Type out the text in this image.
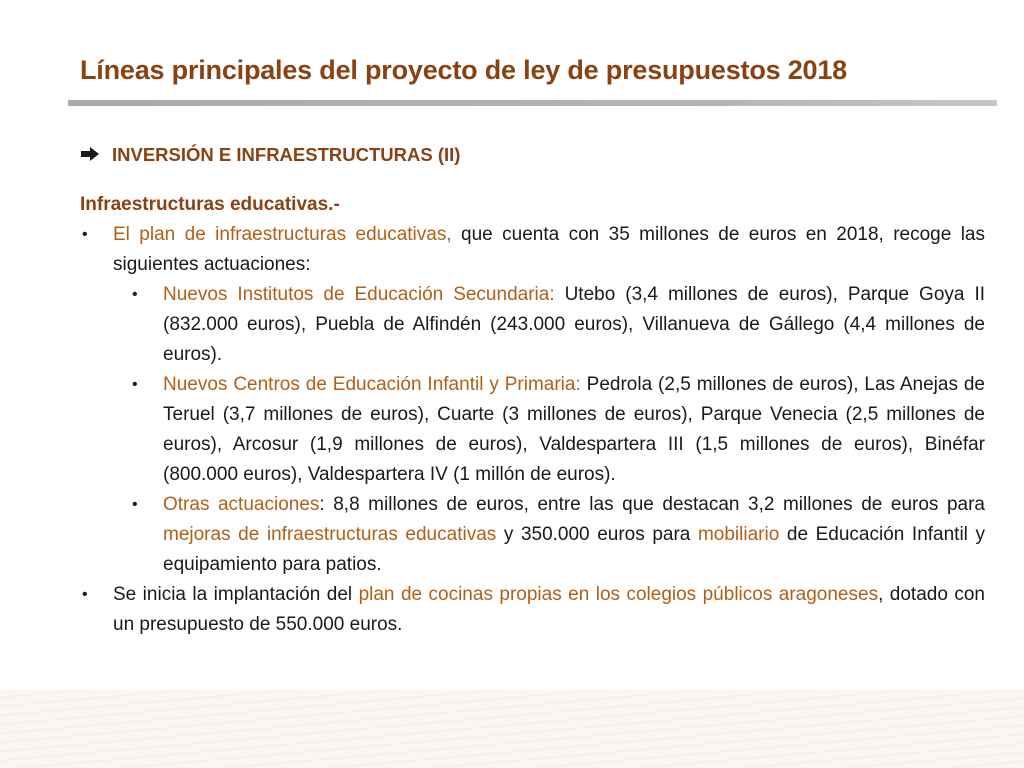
Líneas principales del proyecto de ley de presupuestos 2018
INVERSIÓN E INFRAESTRUCTURAS (II)
Infraestructuras educativas.-
• El plan de infraestructuras educativas, que cuenta con 35 millones de euros en 2018, recoge las siguientes actuaciones:
• Nuevos Institutos de Educación Secundaria: Utebo (3,4 millones de euros), Parque Goya II (832.000 euros), Puebla de Alfindén (243.000 euros), Villanueva de Gállego (4,4 millones de euros).
• Nuevos Centros de Educación Infantil y Primaria: Pedrola (2,5 millones de euros), Las Anejas de Teruel (3,7 millones de euros), Cuarte (3 millones de euros), Parque Venecia (2,5 millones de euros), Arcosur (1,9 millones de euros), Valdespartera III (1,5 millones de euros), Binéfar (800.000 euros), Valdespartera IV (1 millón de euros).
• Otras actuaciones: 8,8 millones de euros, entre las que destacan 3,2 millones de euros para mejoras de infraestructuras educativas y 350.000 euros para mobiliario de Educación Infantil y equipamiento para patios.
• Se inicia la implantación del plan de cocinas propias en los colegios públicos aragoneses, dotado con un presupuesto de 550.000 euros.
